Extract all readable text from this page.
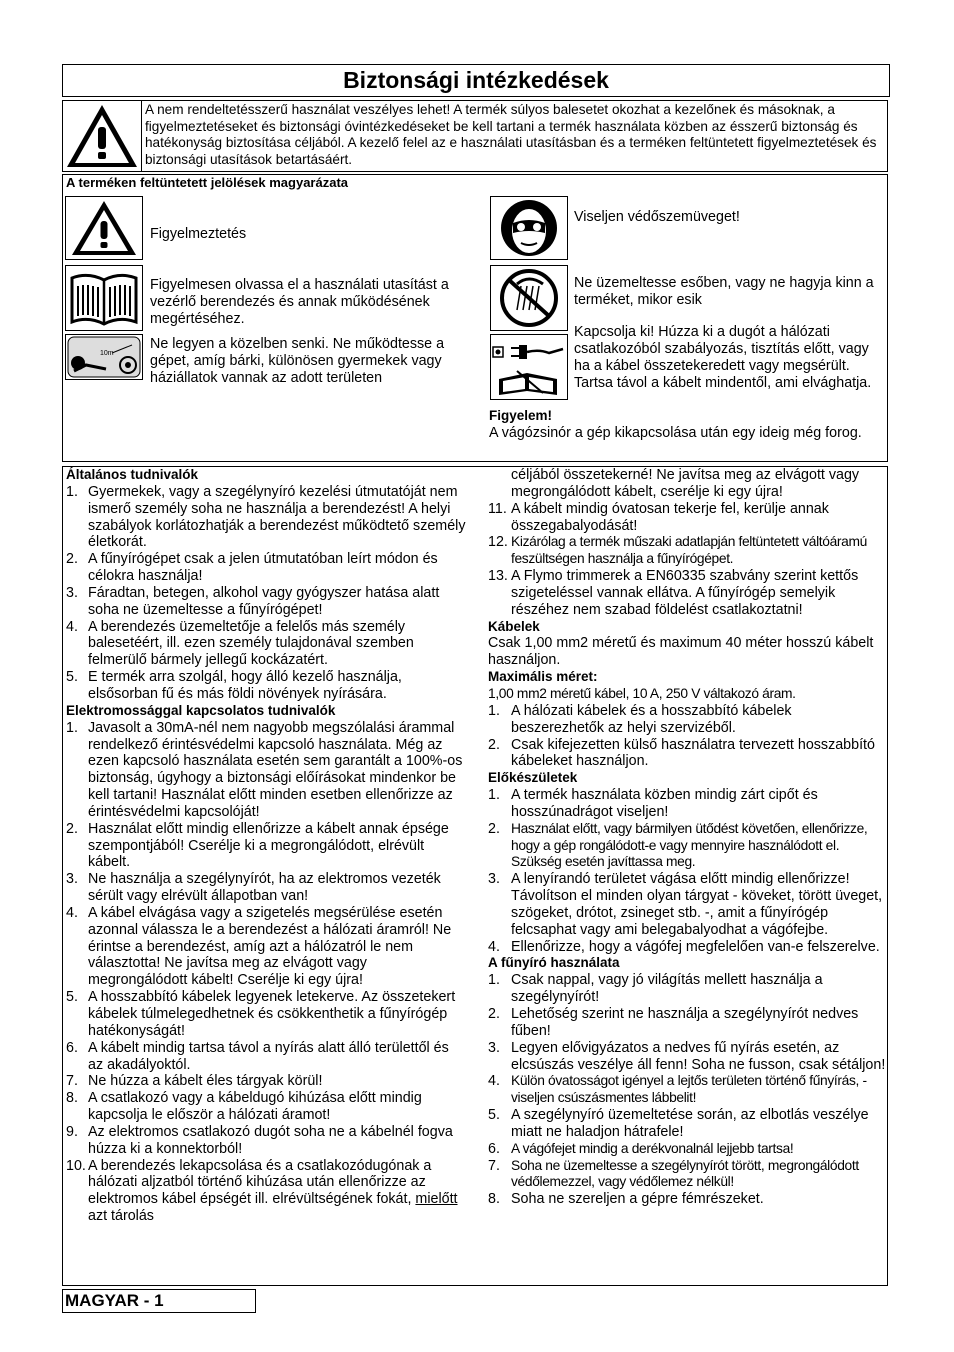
Biztonsági intézkedések
A nem rendeltetésszerű használat veszélyes lehet! A termék súlyos balesetet okozhat a kezelőnek és másoknak, a figyelmeztetéseket és biztonsági óvintézkedéseket be kell tartani a termék használata közben az ésszerű biztonság és hatékonyság biztosítása céljából. A kezelő felel az e használati utasításban és a terméken feltüntetett figyelmeztetések és biztonsági utasítások betartásáért.
A terméken feltüntetett jelölések magyarázata
Figyelmeztetés
Figyelmesen olvassa el a használati utasítást a vezérlő berendezés és annak működésének megértéséhez.
10m
Ne legyen a közelben senki. Ne működtesse a gépet, amíg bárki, különösen gyermekek vagy háziállatok vannak az adott területen
Viseljen védőszemüveget!
Ne üzemeltesse esőben, vagy ne hagyja kinn a terméket, mikor esik
Kapcsolja ki! Húzza ki a dugót a hálózati csatlakozóból szabályozás, tisztítás előtt, vagy ha a kábel összetekeredett vagy megsérült. Tartsa távol a kábelt mindentől, ami elvághatja.
Figyelem!
A vágózsinór a gép kikapcsolása után egy ideig még forog.
Általános tudnivalók
1. Gyermekek, vagy a szegélynyíró kezelési útmutatóját nem ismerő személy soha ne használja a berendezést! A helyi szabályok korlátozhatják a berendezést működtető személy életkorát.
2. A fűnyírógépet csak a jelen útmutatóban leírt módon és célokra használja!
3. Fáradtan, betegen, alkohol vagy gyógyszer hatása alatt soha ne üzemeltesse a fűnyírógépet!
4. A berendezés üzemeltetője a felelős más személy balesetéért, ill. ezen személy tulajdonával szemben felmerülő bármely jellegű kockázatért.
5. E termék arra szolgál, hogy álló kezelő használja, elsősorban fű és más földi növények nyírására.
Elektromossággal kapcsolatos tudnivalók
1. Javasolt a 30mA-nél nem nagyobb megszólalási árammal rendelkező érintésvédelmi kapcsoló használata. Még az ezen kapcsoló használata esetén sem garantált a 100%-os biztonság, úgyhogy a biztonsági előírásokat mindenkor be kell tartani! Használat előtt minden esetben ellenőrizze az érintésvédelmi kapcsolóját!
2. Használat előtt mindig ellenőrizze a kábelt annak épsége szempontjából! Cserélje ki a megrongálódott, elrévült kábelt.
3. Ne használja a szegélynyírót, ha az elektromos vezeték sérült vagy elrévült állapotban van!
4. A kábel elvágása vagy a szigetelés megsérülése esetén azonnal válassza le a berendezést a hálózati áramról! Ne érintse a berendezést, amíg azt a hálózatról le nem választotta! Ne javítsa meg az elvágott vagy megrongálódott kábelt! Cserélje ki egy újra!
5. A hosszabbító kábelek legyenek letekerve. Az összetekert kábelek túlmelegedhetnek és csökkenthetik a fűnyírógép hatékonyságát!
6. A kábelt mindig tartsa távol a nyírás alatt álló területtől és az akadályoktól.
7. Ne húzza a kábelt éles tárgyak körül!
8. A csatlakozó vagy a kábeldugó kihúzása előtt mindig kapcsolja le először a hálózati áramot!
9. Az elektromos csatlakozó dugót soha ne a kábelnél fogva húzza ki a konnektorból!
10. A berendezés lekapcsolása és a csatlakozódugónak a hálózati aljzatból történő kihúzása után ellenőrizze az elektromos kábel épségét ill. elrévültségének fokát, mielőtt azt tárolás
céljából összetekerné! Ne javítsa meg az elvágott vagy megrongálódott kábelt, cserélje ki egy újra!
11. A kábelt mindig óvatosan tekerje fel, kerülje annak összegabalyodását!
12. Kizárólag a termék műszaki adatlapján feltüntetett váltóáramú feszültségen használja a fűnyírógépet.
13. A Flymo trimmerek a EN60335 szabvány szerint kettős szigeteléssel vannak ellátva. A fűnyírógép semelyik részéhez nem szabad földelést csatlakoztatni!
Kábelek
Csak 1,00 mm2 méretű és maximum 40 méter hosszú kábelt használjon.
Maximális méret:
1,00 mm2 méretű kábel, 10 A, 250 V váltakozó áram.
1. A hálózati kábelek és a hosszabbító kábelek beszerezhetők az helyi szervizéből.
2. Csak kifejezetten külső használatra tervezett hosszabbító kábeleket használjon.
Előkészületek
1. A termék használata közben mindig zárt cipőt és hosszúnadrágot viseljen!
2. Használat előtt, vagy bármilyen ütődést követően, ellenőrizze, hogy a gép rongálódott-e vagy mennyire használódott el. Szükség esetén javíttassa meg.
3. A lenyírandó területet vágása előtt mindig ellenőrizze! Távolítson el minden olyan tárgyat - köveket, törött üveget, szögeket, drótot, zsineget stb. -, amit a fűnyírógép felcsaphat vagy ami belegabalyodhat a vágófejbe.
4. Ellenőrizze, hogy a vágófej megfelelően van-e felszerelve.
A fűnyíró használata
1. Csak nappal, vagy jó világítás mellett használja a szegélynyírót!
2. Lehetőség szerint ne használja a szegélynyírót nedves fűben!
3. Legyen elővigyázatos a nedves fű nyírás esetén, az elcsúszás veszélye áll fenn! Soha ne fusson, csak sétáljon!
4. Külön óvatosságot igényel a lejtős területen történő fűnyírás, - viseljen csúszásmentes lábbelit!
5. A szegélynyíró üzemeltetése során, az elbotlás veszélye miatt ne haladjon hátrafele!
6. A vágófejet mindig a derékvonalnál lejjebb tartsa!
7. Soha ne üzemeltesse a szegélynyírót törött, megrongálódott védőlemezzel, vagy védőlemez nélkül!
8. Soha ne szereljen a gépre fémrészeket.
MAGYAR - 1
